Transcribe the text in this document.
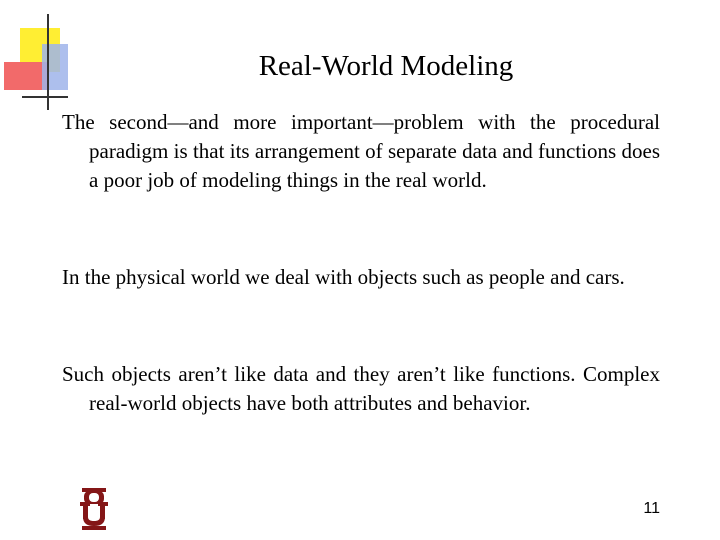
Real-World Modeling

The second—and more important—problem with the procedural paradigm is that its arrangement of separate data and functions does a poor job of modeling things in the real world.

In the physical world we deal with objects such as people and cars.

Such objects aren’t like data and they aren’t like functions. Complex real-world objects have both attributes and behavior.

11
